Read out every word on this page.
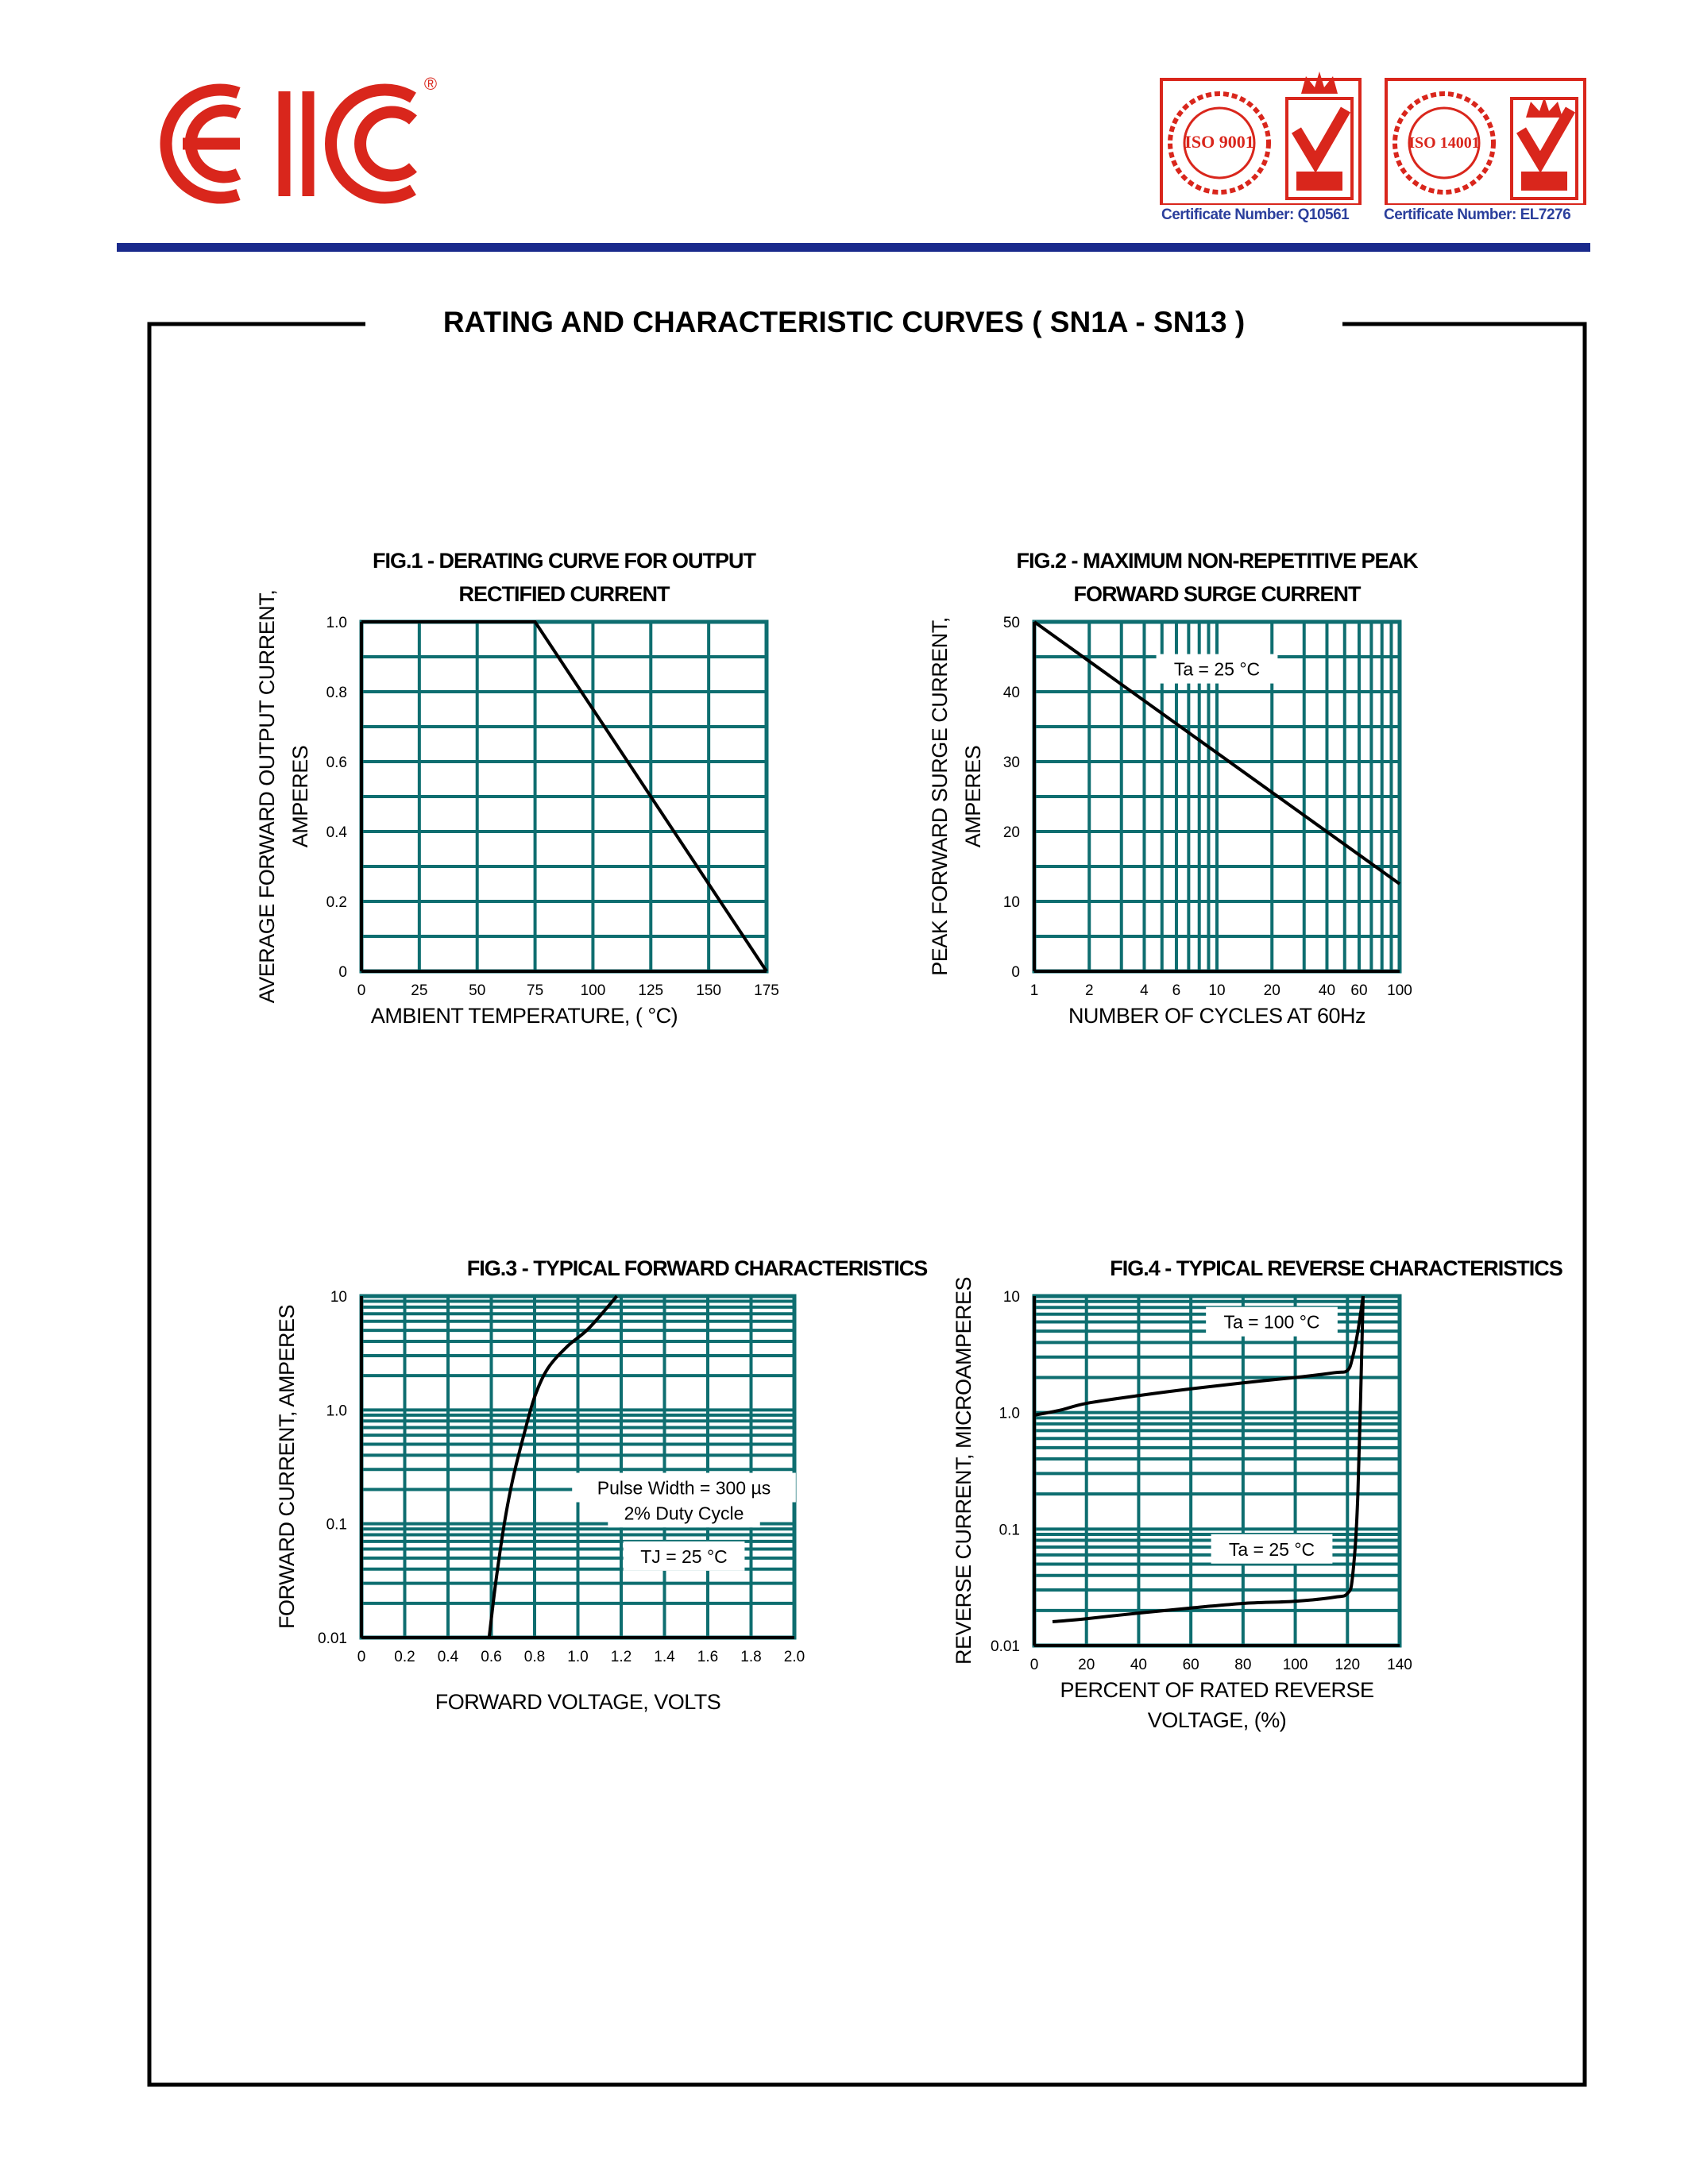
®
ISO 9001	ISO 14001
Certificate Number: Q10561 Certificate Number: EL7276
RATING AND CHARACTERISTIC CURVES ( SN1A - SN13 )
0	25	50	75 100 125 150 175
0
0.2
0.4
0.6
0.8
1.0
FIG.1 - DERATING CURVE FOR OUTPUT
RECTIFIED CURRENT
AMBIENT TEMPERATURE, ( °C)
AVERAGE FORWARD OUTPUT CURRENT, AMPERES
1	2	4 6 10	20	40 60 100
0
10
20
30
40
50
FIG.2 - MAXIMUM NON-REPETITIVE PEAK
FORWARD SURGE CURRENT
NUMBER OF CYCLES AT 60Hz
PEAK FORWARD SURGE CURRENT, AMPERES
Ta = 25 °C
0 0.2 0.4 0.6 0.8 1.0 1.2 1.4 1.6 1.8 2.0
0.01
0.1
1.0
10
FIG.3 - TYPICAL FORWARD CHARACTERISTICS
FORWARD VOLTAGE, VOLTS
FORWARD CURRENT, AMPERES	Pulse Width = 300 µs
2% Duty Cycle
TJ = 25 °C
0	20 40 60 80 100 120 140
0.01
0.1
1.0
10
FIG.4 - TYPICAL REVERSE CHARACTERISTICS
PERCENT OF RATED REVERSE
VOLTAGE, (%)
REVERSE CURRENT, MICROAMPERES	Ta = 100 °C
Ta = 25 °C
